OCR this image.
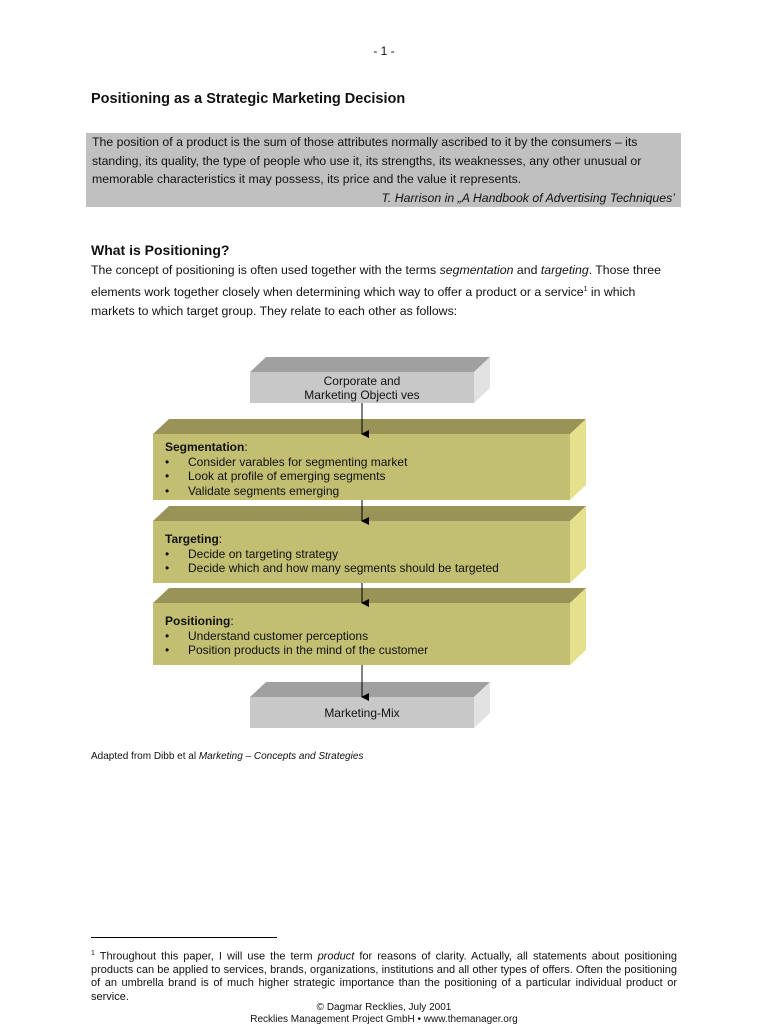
- 1 -
Positioning as a Strategic Marketing Decision
The position of a product is the sum of those attributes normally ascribed to it by the consumers – its standing, its quality, the type of people who use it, its strengths, its weaknesses, any other unusual or memorable characteristics it may possess, its price and the value it represents.
T. Harrison in „A Handbook of Advertising Techniques’
What is Positioning?
The concept of positioning is often used together with the terms segmentation and targeting. Those three elements work together closely when determining which way to offer a product or a service$^1$ in which markets to which target group. They relate to each other as follows:
Corporate and Marketing Objecti ves
Segmentation:
• Consider varables for segmenting market
• Look at profile of emerging segments
• Validate segments emerging
Targeting:
• Decide on targeting strategy
• Decide which and how many segments should be targeted
Positioning:
• Understand customer perceptions
• Position products in the mind of the customer
Marketing-Mix
Adapted from Dibb et al Marketing – Concepts and Strategies
$^1$ Throughout this paper, I will use the term product for reasons of clarity. Actually, all statements about positioning products can be applied to services, brands, organizations, institutions and all other types of offers. Often the positioning of an umbrella brand is of much higher strategic importance than the positioning of a particular individual product or service.
© Dagmar Recklies, July 2001
Recklies Management Project GmbH • www.themanager.org
